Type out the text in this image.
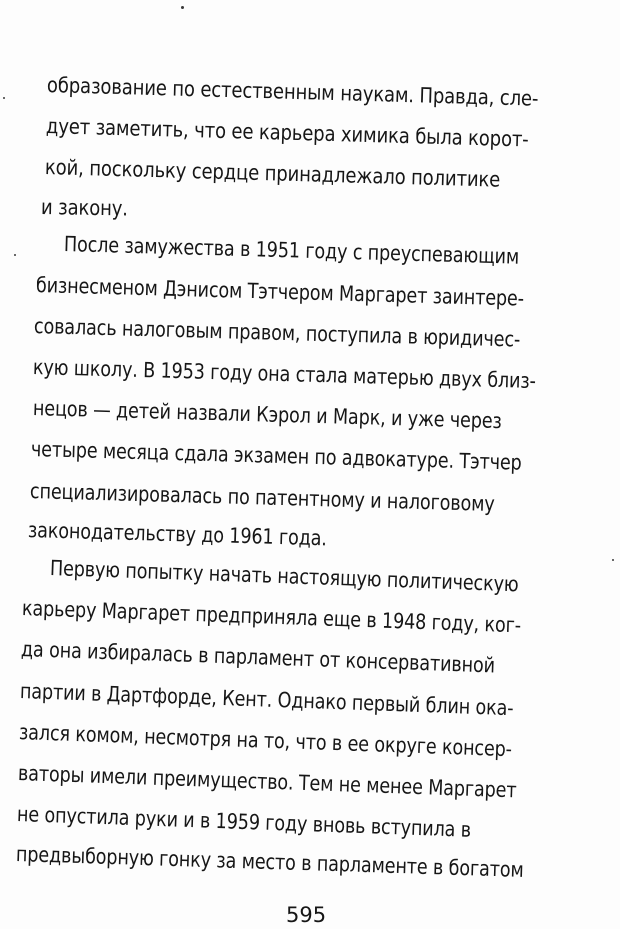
образование по естественным наукам. Правда, сле-

дует заметить, что ее карьера химика была корот-

кой, поскольку сердце принадлежало политике

и закону.

После замужества в 1951 году с преуспевающим

бизнесменом Дэнисом Тэтчером Маргарет заинтере-

совалась налоговым правом, поступила в юридичес-

кую школу. В 1953 году она стала матерью двух близ-

нецов — детей назвали Кэрол и Марк, и уже через

четыре месяца сдала экзамен по адвокатуре. Тэтчер

специализировалась по патентному и налоговому

законодательству до 1961 года.

Первую попытку начать настоящую политическую

карьеру Маргарет предприняла еще в 1948 году, ког-

да она избиралась в парламент от консервативной

партии в Дартфорде, Кент. Однако первый блин ока-

зался комом, несмотря на то, что в ее округе консер-

ваторы имели преимущество. Тем не менее Маргарет

не опустила руки и в 1959 году вновь вступила в

предвыборную гонку за место в парламенте в богатом

595
